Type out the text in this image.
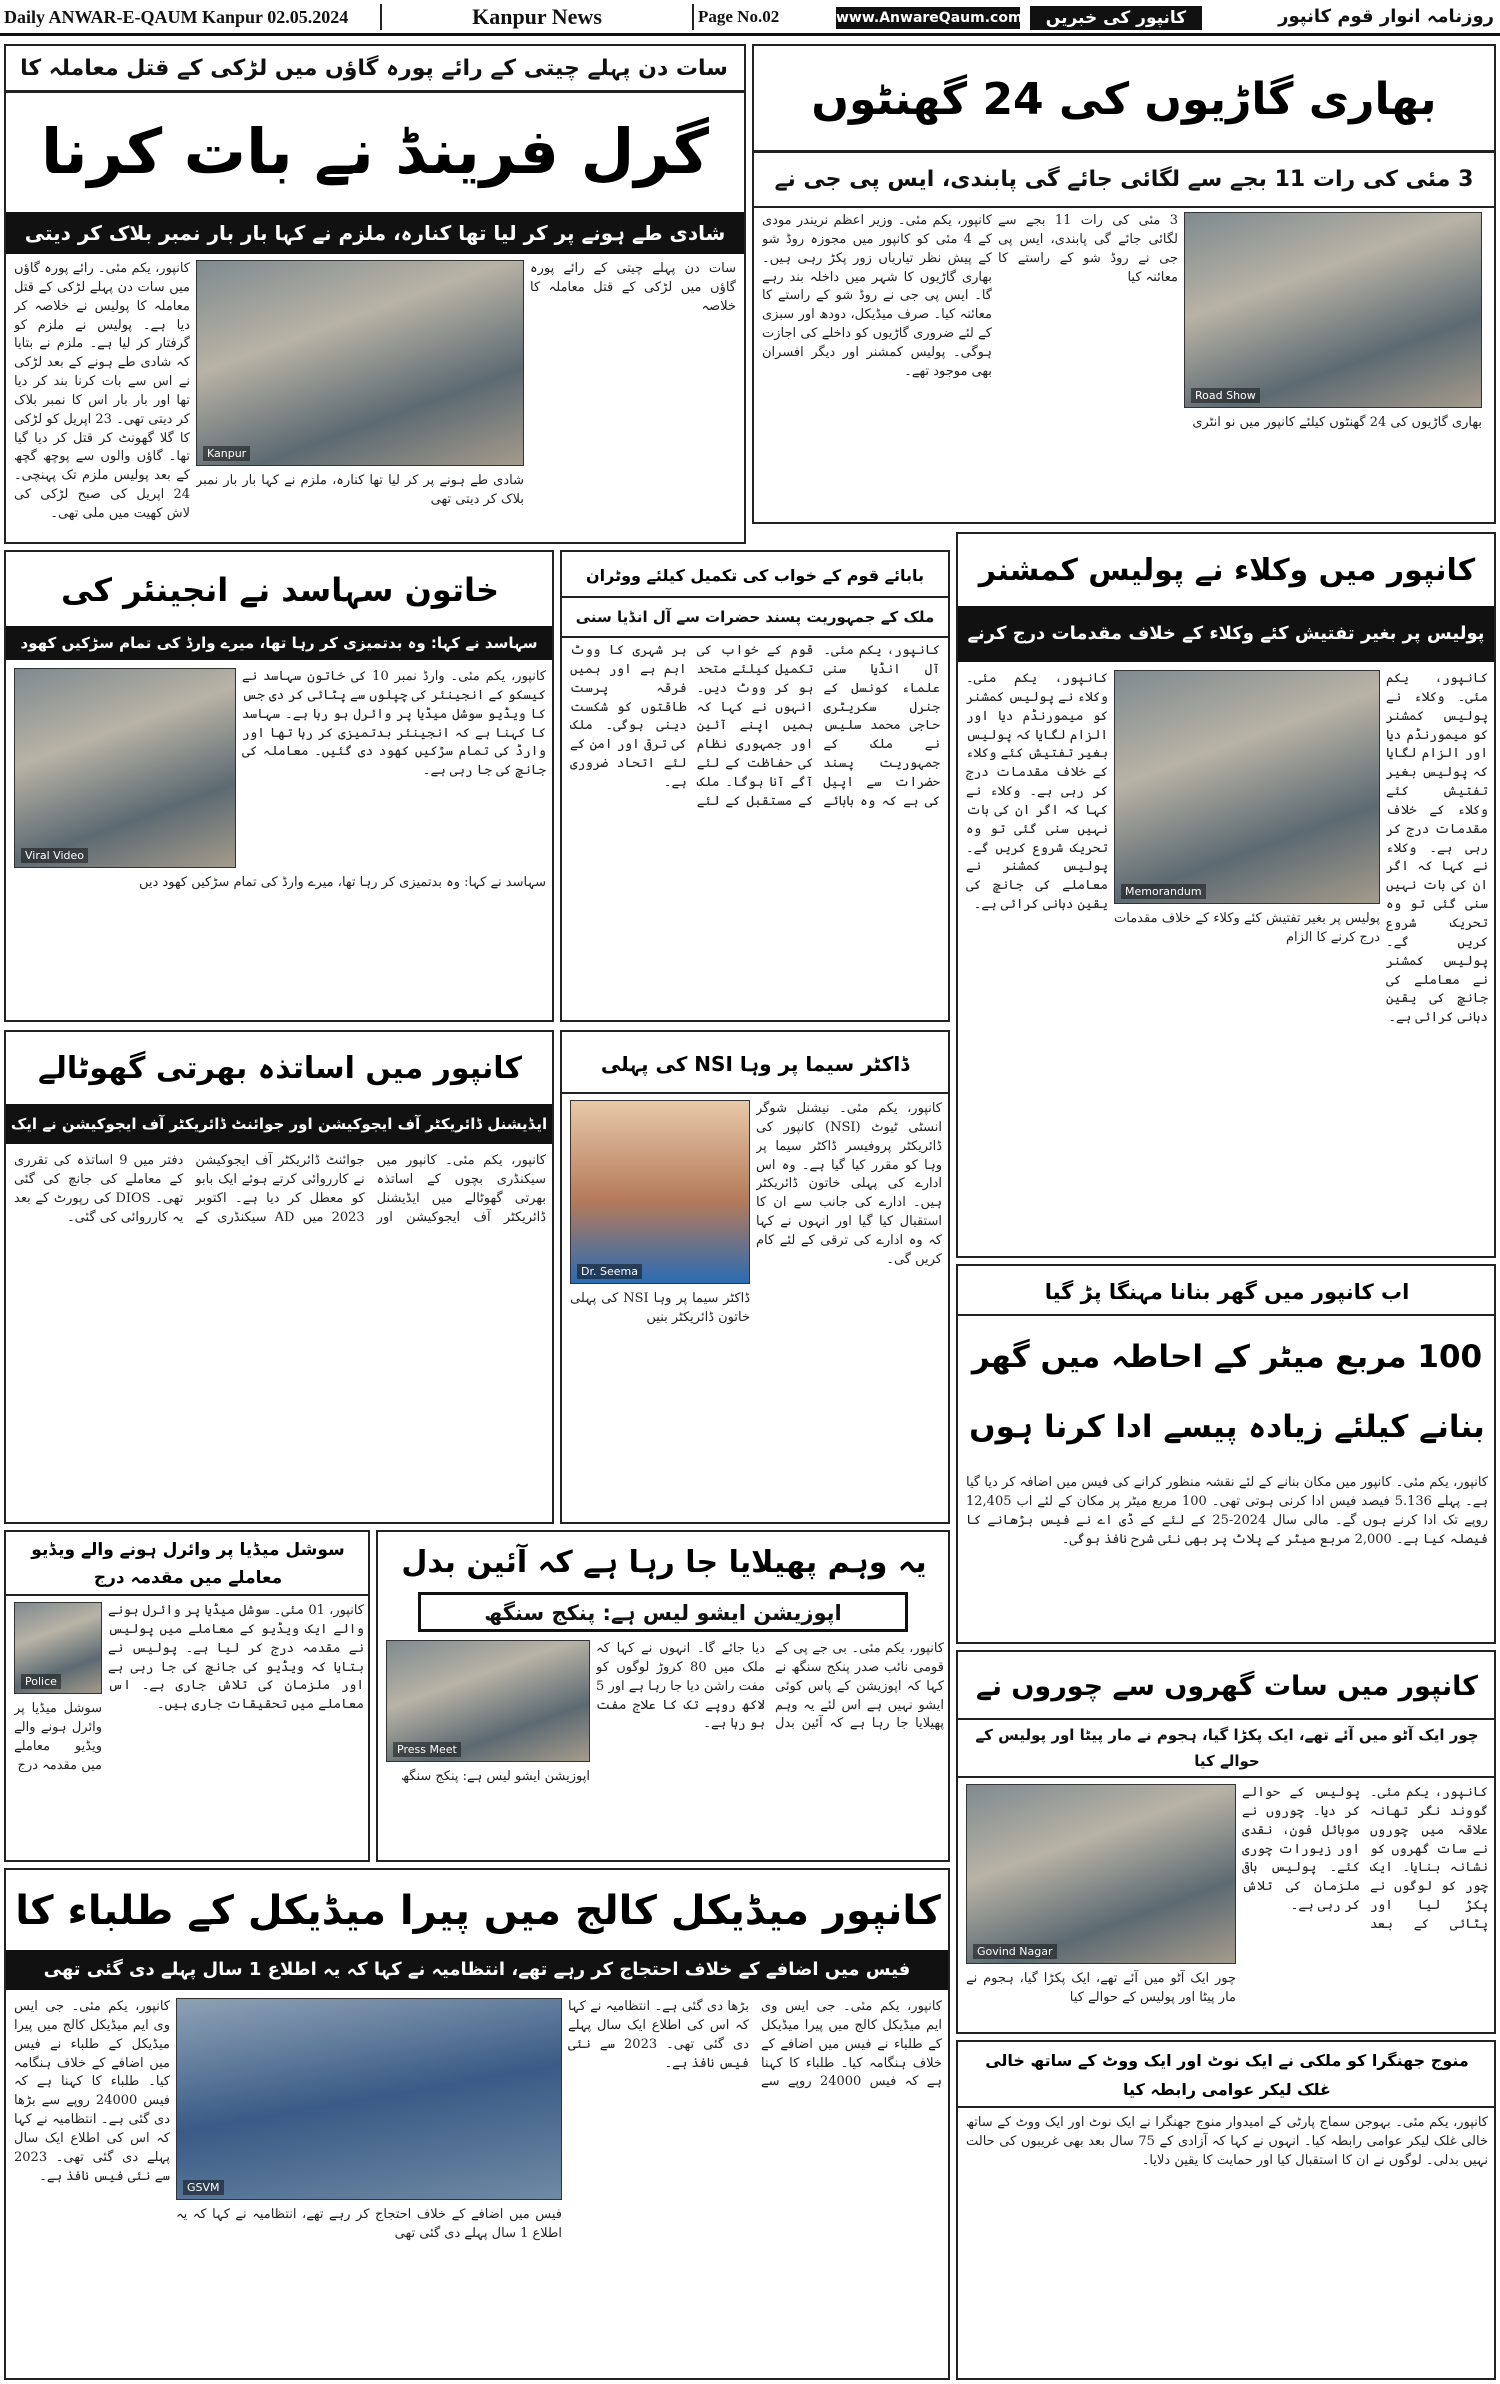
Daily ANWAR-E-QAUM Kanpur 02.05.2024	Kanpur News	Page No.02	www.AnwareQaum.com	کانپور کی خبریں	روزنامہ انوار قوم کانپور
سات دن پہلے چیتی کے رائے پورہ گاؤں میں لڑکی کے قتل معاملہ کا
گرل فرینڈ نے بات کرنا
شادی طے ہونے پر کر لیا تھا کنارہ، ملزم نے کہا بار بار نمبر بلاک کر دیتی
کانپور، یکم مئی۔ رائے پورہ گاؤں میں سات دن پہلے لڑکی کے قتل معاملہ کا پولیس نے خلاصہ کر دیا ہے۔ پولیس نے ملزم کو گرفتار کر لیا ہے۔ ملزم نے بتایا کہ شادی طے ہونے کے بعد لڑکی نے اس سے بات کرنا بند کر دیا تھا اور بار بار اس کا نمبر بلاک کر دیتی تھی۔ 23 اپریل کو لڑکی کا گلا گھونٹ کر قتل کر دیا گیا تھا۔ گاؤں والوں سے پوچھ گچھ کے بعد پولیس ملزم تک پہنچی۔ 24 اپریل کی صبح لڑکی کی لاش کھیت میں ملی تھی۔
Kanpur
شادی طے ہونے پر کر لیا تھا کنارہ، ملزم نے کہا بار بار نمبر بلاک کر دیتی تھی
سات دن پہلے چیتی کے رائے پورہ گاؤں میں لڑکی کے قتل معاملہ کا خلاصہ
بھاری گاڑیوں کی 24 گھنٹوں
3 مئی کی رات 11 بجے سے لگائی جائے گی پابندی، ایس پی جی نے
کانپور، یکم مئی۔ وزیر اعظم نریندر مودی کے 4 مئی کو کانپور میں مجوزہ روڈ شو کے پیش نظر تیاریاں زور پکڑ رہی ہیں۔ بھاری گاڑیوں کا شہر میں داخلہ بند رہے گا۔ ایس پی جی نے روڈ شو کے راستے کا معائنہ کیا۔ صرف میڈیکل، دودھ اور سبزی کے لئے ضروری گاڑیوں کو داخلے کی اجازت ہوگی۔ پولیس کمشنر اور دیگر افسران بھی موجود تھے۔
3 مئی کی رات 11 بجے سے لگائی جائے گی پابندی، ایس پی جی نے روڈ شو کے راستے کا معائنہ کیا
Road Show
بھاری گاڑیوں کی 24 گھنٹوں کیلئے کانپور میں نو انٹری
خاتون سہاسد نے انجینئر کی
سہاسد نے کہا: وہ بدتمیزی کر رہا تھا، میرے وارڈ کی تمام سڑکیں کھود
Viral Video
کانپور، یکم مئی۔ وارڈ نمبر 10 کی خاتون سہاسد نے کیسکو کے انجینئر کی چپلوں سے پٹائی کر دی جس کا ویڈیو سوشل میڈیا پر وائرل ہو رہا ہے۔ سہاسد کا کہنا ہے کہ انجینئر بدتمیزی کر رہا تھا اور وارڈ کی تمام سڑکیں کھود دی گئیں۔ معاملہ کی جانچ کی جا رہی ہے۔
سہاسد نے کہا: وہ بدتمیزی کر رہا تھا، میرے وارڈ کی تمام سڑکیں کھود دیں
بابائے قوم کے خواب کی تکمیل کیلئے ووٹران
ملک کے جمہوریت پسند حضرات سے آل انڈیا سنی
کانپور، یکم مئی۔ آل انڈیا سنی علماء کونسل کے جنرل سکریٹری حاجی محمد سلیس نے ملک کے جمہوریت پسند حضرات سے اپیل کی ہے کہ وہ بابائے قوم کے خواب کی تکمیل کیلئے متحد ہو کر ووٹ دیں۔ انہوں نے کہا کہ ہمیں اپنے آئین اور جمہوری نظام کی حفاظت کے لئے آگے آنا ہوگا۔ ملک کے مستقبل کے لئے ہر شہری کا ووٹ اہم ہے اور ہمیں فرقہ پرست طاقتوں کو شکست دینی ہوگی۔ ملک کی ترقی اور امن کے لئے اتحاد ضروری ہے۔
کانپور میں وکلاء نے پولیس کمشنر
پولیس پر بغیر تفتیش کئے وکلاء کے خلاف مقدمات درج کرنے
کانپور، یکم مئی۔ وکلاء نے پولیس کمشنر کو میمورنڈم دیا اور الزام لگایا کہ پولیس بغیر تفتیش کئے وکلاء کے خلاف مقدمات درج کر رہی ہے۔ وکلاء نے کہا کہ اگر ان کی بات نہیں سنی گئی تو وہ تحریک شروع کریں گے۔ پولیس کمشنر نے معاملے کی جانچ کی یقین دہانی کرائی ہے۔
Memorandum
پولیس پر بغیر تفتیش کئے وکلاء کے خلاف مقدمات درج کرنے کا الزام
کانپور، یکم مئی۔ وکلاء نے پولیس کمشنر کو میمورنڈم دیا اور الزام لگایا کہ پولیس بغیر تفتیش کئے وکلاء کے خلاف مقدمات درج کر رہی ہے۔ وکلاء نے کہا کہ اگر ان کی بات نہیں سنی گئی تو وہ تحریک شروع کریں گے۔ پولیس کمشنر نے معاملے کی جانچ کی یقین دہانی کرائی ہے۔
کانپور میں اساتذہ بھرتی گھوٹالے
ایڈیشنل ڈائریکٹر آف ایجوکیشن اور جوائنٹ ڈائریکٹر آف ایجوکیشن نے ایک
کانپور، یکم مئی۔ کانپور میں سیکنڈری بچوں کے اساتذہ بھرتی گھوٹالے میں ایڈیشنل ڈائریکٹر آف ایجوکیشن اور جوائنٹ ڈائریکٹر آف ایجوکیشن نے کارروائی کرتے ہوئے ایک بابو کو معطل کر دیا ہے۔ اکتوبر 2023 میں AD سیکنڈری کے دفتر میں 9 اساتذہ کی تقرری کے معاملے کی جانچ کی گئی تھی۔ DIOS کی رپورٹ کے بعد یہ کارروائی کی گئی۔
ڈاکٹر سیما پر وہا NSI کی پہلی
Dr. Seema
کانپور، یکم مئی۔ نیشنل شوگر انسٹی ٹیوٹ (NSI) کانپور کی ڈائریکٹر پروفیسر ڈاکٹر سیما پر وہا کو مقرر کیا گیا ہے۔ وہ اس ادارے کی پہلی خاتون ڈائریکٹر ہیں۔ ادارے کی جانب سے ان کا استقبال کیا گیا اور انہوں نے کہا کہ وہ ادارے کی ترقی کے لئے کام کریں گی۔
ڈاکٹر سیما پر وہا NSI کی پہلی خاتون ڈائریکٹر بنیں
اب کانپور میں گھر بنانا مہنگا پڑ گیا
100 مربع میٹر کے احاطہ میں گھر بنانے کیلئے زیادہ پیسے ادا کرنا ہوں
کانپور، یکم مئی۔ کانپور میں مکان بنانے کے لئے نقشہ منظور کرانے کی فیس میں اضافہ کر دیا گیا ہے۔ پہلے 5.136 فیصد فیس ادا کرنی ہوتی تھی۔ 100 مربع میٹر پر مکان کے لئے اب 12,405 روپے تک ادا کرنے ہوں گے۔ مالی سال 2024-25 کے لئے کے ڈی اے نے فیس بڑھانے کا فیصلہ کیا ہے۔ 2,000 مربع میٹر کے پلاٹ پر بھی نئی شرح نافذ ہوگی۔
سوشل میڈیا پر وائرل ہونے والے ویڈیو معاملے میں مقدمہ درج
Police
کانپور، 01 مئی۔ سوشل میڈیا پر وائرل ہونے والے ایک ویڈیو کے معاملے میں پولیس نے مقدمہ درج کر لیا ہے۔ پولیس نے بتایا کہ ویڈیو کی جانچ کی جا رہی ہے اور ملزمان کی تلاش جاری ہے۔ اس معاملے میں تحقیقات جاری ہیں۔
سوشل میڈیا پر وائرل ہونے والے ویڈیو معاملے میں مقدمہ درج
یہ وہم پھیلایا جا رہا ہے کہ آئین بدل
اپوزیشن ایشو لیس ہے: پنکج سنگھ
Press Meet
اپوزیشن ایشو لیس ہے: پنکج سنگھ
کانپور، یکم مئی۔ بی جے پی کے قومی نائب صدر پنکج سنگھ نے کہا کہ اپوزیشن کے پاس کوئی ایشو نہیں ہے اس لئے یہ وہم پھیلایا جا رہا ہے کہ آئین بدل دیا جائے گا۔ انہوں نے کہا کہ ملک میں 80 کروڑ لوگوں کو مفت راشن دیا جا رہا ہے اور 5 لاکھ روپے تک کا علاج مفت ہو رہا ہے۔
کانپور میں سات گھروں سے چوروں نے
چور ایک آٹو میں آئے تھے، ایک پکڑا گیا، ہجوم نے مار پیٹا اور پولیس کے حوالے کیا
Govind Nagar
کانپور، یکم مئی۔ گووند نگر تھانہ علاقہ میں چوروں نے سات گھروں کو نشانہ بنایا۔ ایک چور کو لوگوں نے پکڑ لیا اور پٹائی کے بعد پولیس کے حوالے کر دیا۔ چوروں نے موبائل فون، نقدی اور زیورات چوری کئے۔ پولیس باقی ملزمان کی تلاش کر رہی ہے۔
چور ایک آٹو میں آئے تھے، ایک پکڑا گیا، ہجوم نے مار پیٹا اور پولیس کے حوالے کیا
کانپور میڈیکل کالج میں پیرا میڈیکل کے طلباء کا
فیس میں اضافے کے خلاف احتجاج کر رہے تھے، انتظامیہ نے کہا کہ یہ اطلاع 1 سال پہلے دی گئی تھی
کانپور، یکم مئی۔ جی ایس وی ایم میڈیکل کالج میں پیرا میڈیکل کے طلباء نے فیس میں اضافے کے خلاف ہنگامہ کیا۔ طلباء کا کہنا ہے کہ فیس 24000 روپے سے بڑھا دی گئی ہے۔ انتظامیہ نے کہا کہ اس کی اطلاع ایک سال پہلے دی گئی تھی۔ 2023 سے نئی فیس نافذ ہے۔
GSVM
فیس میں اضافے کے خلاف احتجاج کر رہے تھے، انتظامیہ نے کہا کہ یہ اطلاع 1 سال پہلے دی گئی تھی
کانپور، یکم مئی۔ جی ایس وی ایم میڈیکل کالج میں پیرا میڈیکل کے طلباء نے فیس میں اضافے کے خلاف ہنگامہ کیا۔ طلباء کا کہنا ہے کہ فیس 24000 روپے سے بڑھا دی گئی ہے۔ انتظامیہ نے کہا کہ اس کی اطلاع ایک سال پہلے دی گئی تھی۔ 2023 سے نئی فیس نافذ ہے۔	منوج جھنگرا کو ملکی نے ایک نوٹ اور ایک ووٹ کے ساتھ خالی غلک لیکر عوامی رابطہ کیا
کانپور، یکم مئی۔ بہوجن سماج پارٹی کے امیدوار منوج جھنگرا نے ایک نوٹ اور ایک ووٹ کے ساتھ خالی غلک لیکر عوامی رابطہ کیا۔ انہوں نے کہا کہ آزادی کے 75 سال بعد بھی غریبوں کی حالت نہیں بدلی۔ لوگوں نے ان کا استقبال کیا اور حمایت کا یقین دلایا۔
